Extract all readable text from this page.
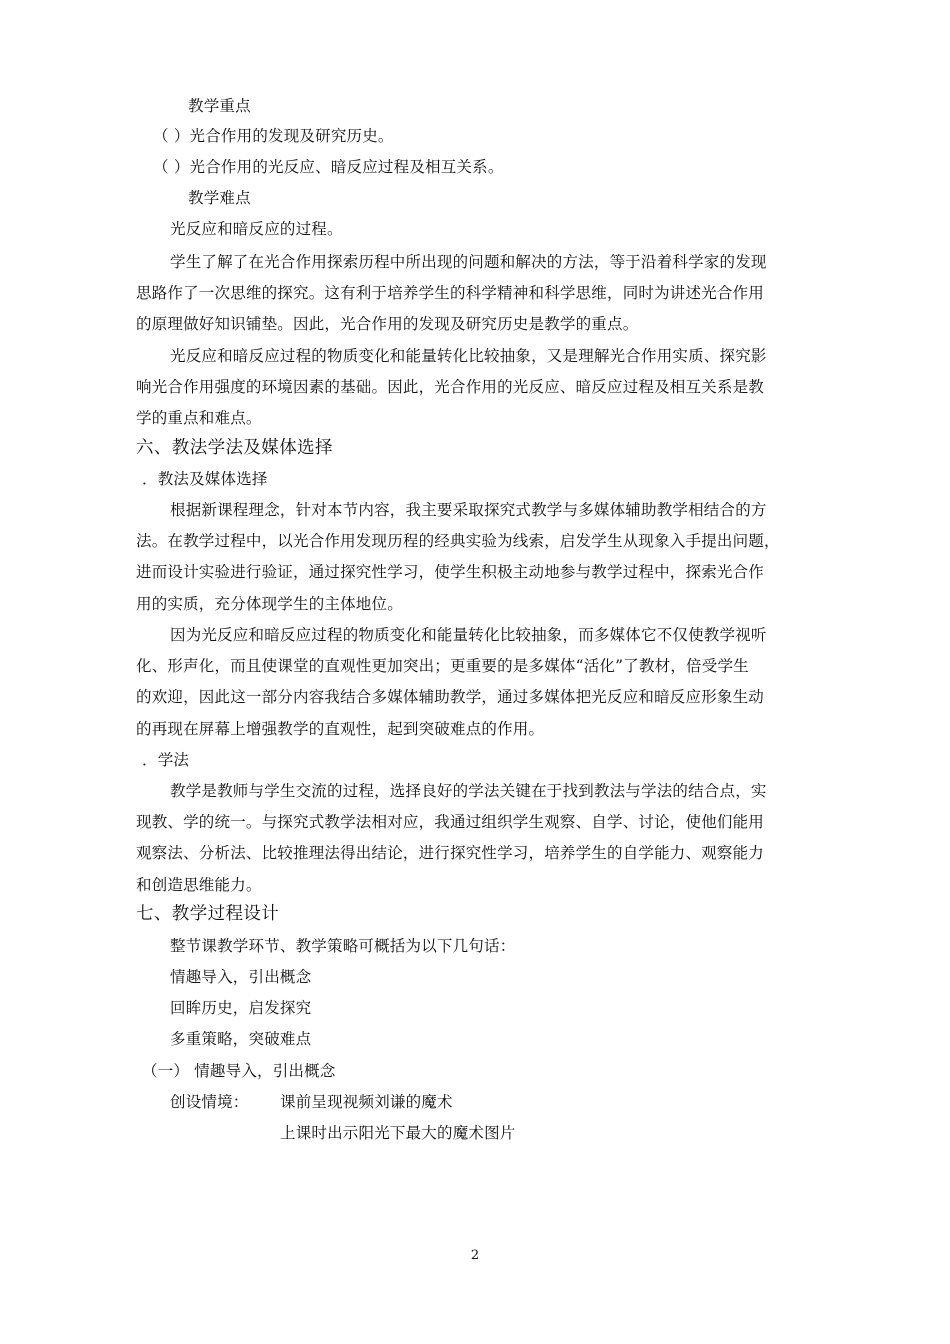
教学重点
（ ）光合作用的发现及研究历史。
（ ）光合作用的光反应、暗反应过程及相互关系。
教学难点
光反应和暗反应的过程。
学生了解了在光合作用探索历程中所出现的问题和解决的方法，等于沿着科学家的发现
思路作了一次思维的探究。这有利于培养学生的科学精神和科学思维，同时为讲述光合作用
的原理做好知识铺垫。因此，光合作用的发现及研究历史是教学的重点。
光反应和暗反应过程的物质变化和能量转化比较抽象，又是理解光合作用实质、探究影
响光合作用强度的环境因素的基础。因此，光合作用的光反应、暗反应过程及相互关系是教
学的重点和难点。
六、教法学法及媒体选择
．教法及媒体选择
根据新课程理念，针对本节内容，我主要采取探究式教学与多媒体辅助教学相结合的方
法。在教学过程中，以光合作用发现历程的经典实验为线索，启发学生从现象入手提出问题，
进而设计实验进行验证，通过探究性学习，使学生积极主动地参与教学过程中，探索光合作
用的实质，充分体现学生的主体地位。
因为光反应和暗反应过程的物质变化和能量转化比较抽象，而多媒体它不仅使教学视听
化、形声化，而且使课堂的直观性更加突出；更重要的是多媒体“活化”了教材，倍受学生
的欢迎，因此这一部分内容我结合多媒体辅助教学，通过多媒体把光反应和暗反应形象生动
的再现在屏幕上增强教学的直观性，起到突破难点的作用。
．学法
教学是教师与学生交流的过程，选择良好的学法关键在于找到教法与学法的结合点，实
现教、学的统一。与探究式教学法相对应，我通过组织学生观察、自学、讨论，使他们能用
观察法、分析法、比较推理法得出结论，进行探究性学习，培养学生的自学能力、观察能力
和创造思维能力。
七、教学过程设计
整节课教学环节、教学策略可概括为以下几句话：
情趣导入，引出概念
回眸历史，启发探究
多重策略，突破难点
（一） 情趣导入，引出概念
创设情境： 课前呈现视频刘谦的魔术
上课时出示阳光下最大的魔术图片
2
